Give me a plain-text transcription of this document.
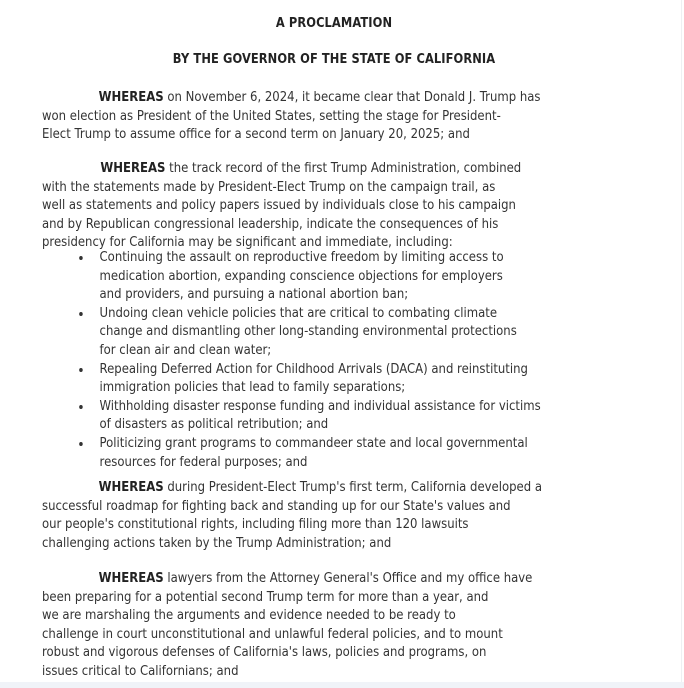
A PROCLAMATION
BY THE GOVERNOR OF THE STATE OF CALIFORNIA
WHEREAS on November 6, 2024, it became clear that Donald J. Trump has
won election as President of the United States, setting the stage for President-
Elect Trump to assume office for a second term on January 20, 2025; and
WHEREAS the track record of the first Trump Administration, combined
with the statements made by President-Elect Trump on the campaign trail, as
well as statements and policy papers issued by individuals close to his campaign
and by Republican congressional leadership, indicate the consequences of his
presidency for California may be significant and immediate, including:
Continuing the assault on reproductive freedom by limiting access to
medication abortion, expanding conscience objections for employers
and providers, and pursuing a national abortion ban;
Undoing clean vehicle policies that are critical to combating climate
change and dismantling other long-standing environmental protections
for clean air and clean water;
Repealing Deferred Action for Childhood Arrivals (DACA) and reinstituting
immigration policies that lead to family separations;
Withholding disaster response funding and individual assistance for victims
of disasters as political retribution; and
Politicizing grant programs to commandeer state and local governmental
resources for federal purposes; and
WHEREAS during President-Elect Trump's first term, California developed a
successful roadmap for fighting back and standing up for our State's values and
our people's constitutional rights, including filing more than 120 lawsuits
challenging actions taken by the Trump Administration; and
WHEREAS lawyers from the Attorney General's Office and my office have
been preparing for a potential second Trump term for more than a year, and
we are marshaling the arguments and evidence needed to be ready to
challenge in court unconstitutional and unlawful federal policies, and to mount
robust and vigorous defenses of California's laws, policies and programs, on
issues critical to Californians; and
